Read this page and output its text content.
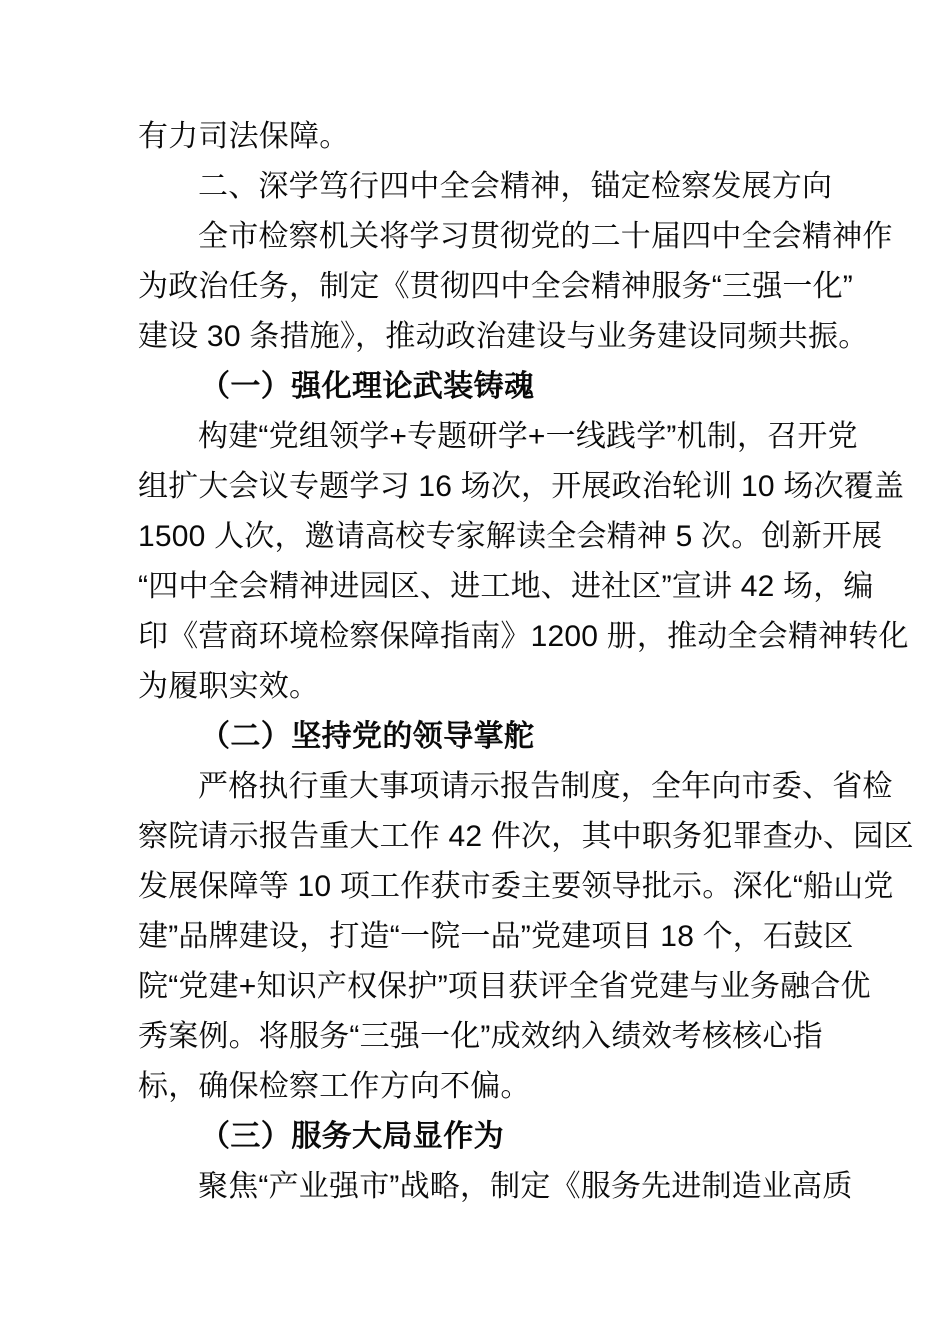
有力司法保障。
二、深学笃行四中全会精神，锚定检察发展方向
全市检察机关将学习贯彻党的二十届四中全会精神作
为政治任务，制定《贯彻四中全会精神服务“三强一化”
建设 30 条措施》，推动政治建设与业务建设同频共振。
（一）强化理论武装铸魂
构建“党组领学+专题研学+一线践学”机制，召开党
组扩大会议专题学习 16 场次，开展政治轮训 10 场次覆盖
1500 人次，邀请高校专家解读全会精神 5 次。创新开展
“四中全会精神进园区、进工地、进社区”宣讲 42 场，编
印《营商环境检察保障指南》1200 册，推动全会精神转化
为履职实效。
（二）坚持党的领导掌舵
严格执行重大事项请示报告制度，全年向市委、省检
察院请示报告重大工作 42 件次，其中职务犯罪查办、园区
发展保障等 10 项工作获市委主要领导批示。深化“船山党
建”品牌建设，打造“一院一品”党建项目 18 个，石鼓区
院“党建+知识产权保护”项目获评全省党建与业务融合优
秀案例。将服务“三强一化”成效纳入绩效考核核心指
标，确保检察工作方向不偏。
（三）服务大局显作为
聚焦“产业强市”战略，制定《服务先进制造业高质
